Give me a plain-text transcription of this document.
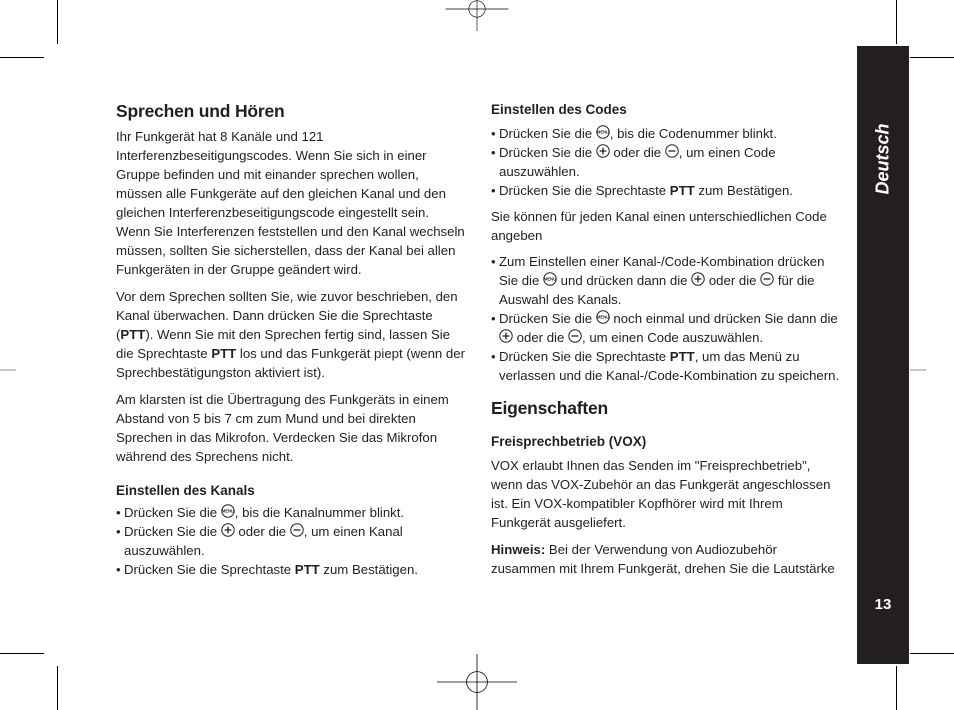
Deutsch
13
Sprechen und Hören

Ihr Funkgerät hat 8 Kanäle und 121 Interferenzbeseitigungscodes. Wenn Sie sich in einer Gruppe befinden und mit einander sprechen wollen, müssen alle Funkgeräte auf den gleichen Kanal und den gleichen Interferenzbeseitigungscode eingestellt sein. Wenn Sie Interferenzen feststellen und den Kanal wechseln müssen, sollten Sie sicherstellen, dass der Kanal bei allen Funkgeräten in der Gruppe geändert wird.

Vor dem Sprechen sollten Sie, wie zuvor beschrieben, den Kanal überwachen. Dann drücken Sie die Sprechtaste (PTT). Wenn Sie mit den Sprechen fertig sind, lassen Sie die Sprechtaste PTT los und das Funkgerät piept (wenn der Sprechbestätigungston aktiviert ist).

Am klarsten ist die Übertragung des Funkgeräts in einem Abstand von 5 bis 7 cm zum Mund und bei direkten Sprechen in das Mikrofon. Verdecken Sie das Mikrofon während des Sprechens nicht.

Einstellen des Kanals

• Drücken Sie die , bis die Kanalnummer blinkt.

• Drücken Sie die  oder die , um einen Kanal auszuwählen.

• Drücken Sie die Sprechtaste PTT zum Bestätigen.

Einstellen des Codes

• Drücken Sie die , bis die Codenummer blinkt.

• Drücken Sie die  oder die , um einen Code auszuwählen.

• Drücken Sie die Sprechtaste PTT zum Bestätigen.

Sie können für jeden Kanal einen unterschiedlichen Code angeben

• Zum Einstellen einer Kanal-/Code-Kombination drücken Sie die  und drücken dann die  oder die  für die Auswahl des Kanals.

• Drücken Sie die  noch einmal und drücken Sie dann die  oder die , um einen Code auszuwählen.

• Drücken Sie die Sprechtaste PTT, um das Menü zu verlassen und die Kanal-/Code-Kombination zu speichern.

Eigenschaften
Freisprechbetrieb (VOX)

VOX erlaubt Ihnen das Senden im "Freisprechbetrieb", wenn das VOX-Zubehör an das Funkgerät angeschlossen ist. Ein VOX-kompatibler Kopfhörer wird mit Ihrem Funkgerät ausgeliefert.

Hinweis: Bei der Verwendung von Audiozubehör zusammen mit Ihrem Funkgerät, drehen Sie die Lautstärke
